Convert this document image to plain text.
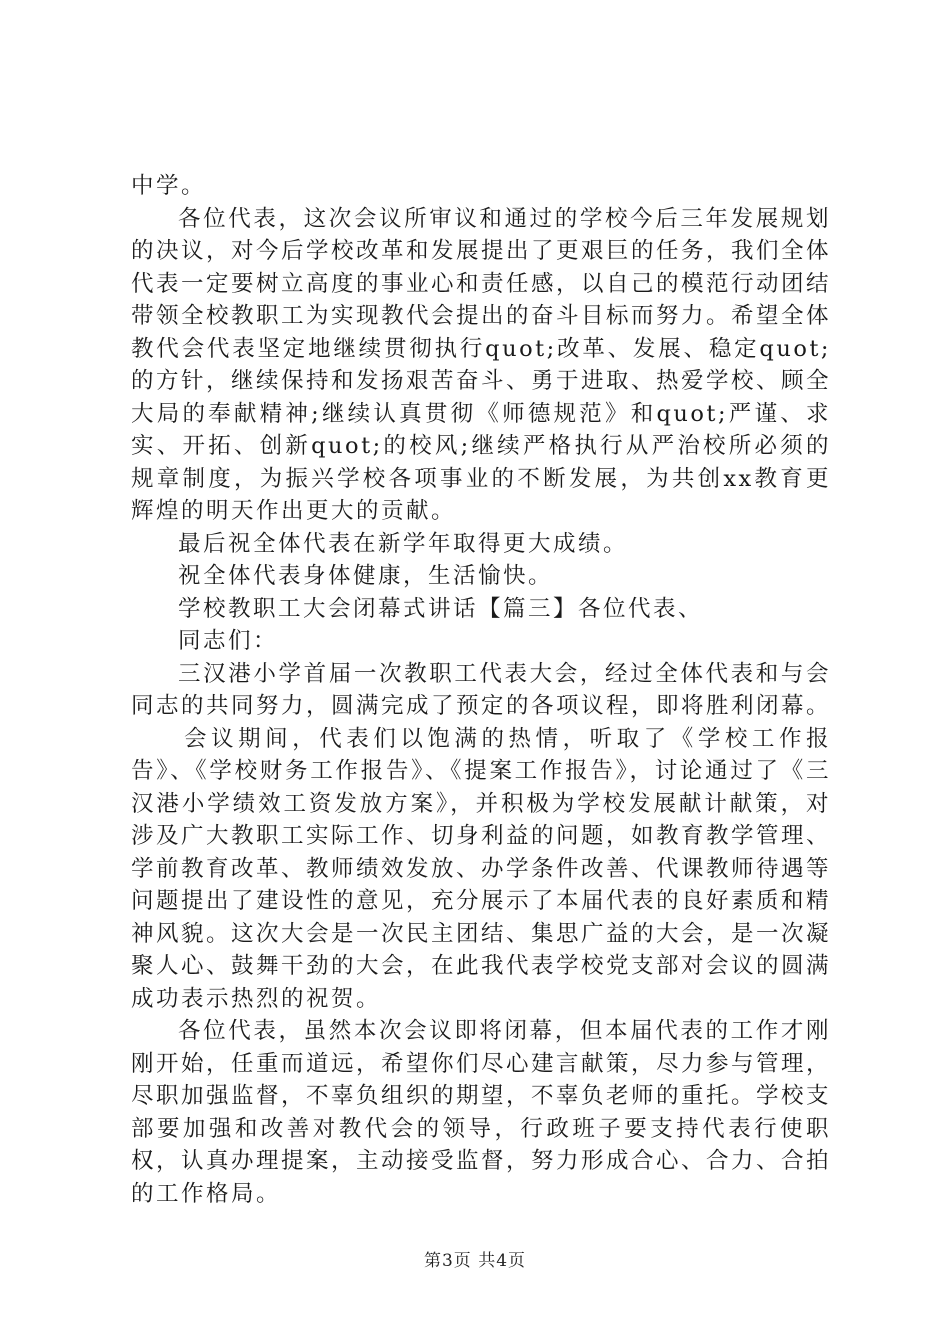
中学。

各位代表，这次会议所审议和通过的学校今后三年发展规划的决议，对今后学校改革和发展提出了更艰巨的任务，我们全体代表一定要树立高度的事业心和责任感，以自己的模范行动团结带领全校教职工为实现教代会提出的奋斗目标而努力。希望全体教代会代表坚定地继续贯彻执行quot;改革、发展、稳定quot;的方针，继续保持和发扬艰苦奋斗、勇于进取、热爱学校、顾全大局的奉献精神;继续认真贯彻《师德规范》和quot;严谨、求实、开拓、创新quot;的校风;继续严格执行从严治校所必须的规章制度，为振兴学校各项事业的不断发展，为共创xx教育更辉煌的明天作出更大的贡献。

最后祝全体代表在新学年取得更大成绩。

祝全体代表身体健康，生活愉快。

学校教职工大会闭幕式讲话【篇三】各位代表、

同志们：

三汉港小学首届一次教职工代表大会，经过全体代表和与会同志的共同努力，圆满完成了预定的各项议程，即将胜利闭幕。

会议期间，代表们以饱满的热情，听取了《学校工作报告》、《学校财务工作报告》、《提案工作报告》，讨论通过了《三汉港小学绩效工资发放方案》，并积极为学校发展献计献策，对涉及广大教职工实际工作、切身利益的问题，如教育教学管理、学前教育改革、教师绩效发放、办学条件改善、代课教师待遇等问题提出了建设性的意见，充分展示了本届代表的良好素质和精神风貌。这次大会是一次民主团结、集思广益的大会，是一次凝聚人心、鼓舞干劲的大会，在此我代表学校党支部对会议的圆满成功表示热烈的祝贺。

各位代表，虽然本次会议即将闭幕，但本届代表的工作才刚刚开始，任重而道远，希望你们尽心建言献策，尽力参与管理，尽职加强监督，不辜负组织的期望，不辜负老师的重托。学校支部要加强和改善对教代会的领导，行政班子要支持代表行使职权，认真办理提案，主动接受监督，努力形成合心、合力、合拍的工作格局。

第3页 共4页
